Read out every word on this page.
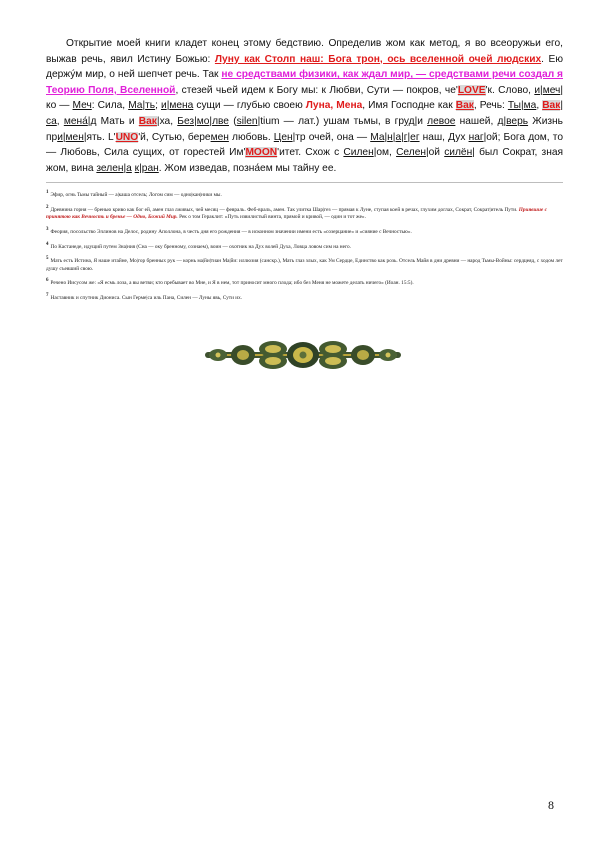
Открытие моей книги кладет конец этому бедствию. Определив жом как метод, я во всеоружьи его, выжав речь, явил Истину Божью: Луну как Столп наш: Бога трон, ось вселенной очей людских. Ею держу́м мир, о ней шепчет речь. Так не средствами физики, как ждал мир, — средствами речи создал я Теорию Поля, Вселенной, стезей чьей идем к Богу мы: к Любви, Сути — покров, че'LOVE'к. Слово, и|меч|ко — Меч: Сила, Ма|ть; и|мена сущи — глубью своею Луна, Мена, Имя Господне как Вак, Речь: Ты|ма, Вак|са, мена́|д Мать и Вак|ха, Без|мо|лве (silen|tium — лат.) ушам тьмы, в груд|и левое нашей, д|верь Жизнь при|мен|ять. L'UNO'й, Сутью, беремен любовь. Цен|тр очей, она — Ма|н|а|г|ег наш, Дух наг|ой; Бога дом, то — Любовь, Сила сущих, от горестей Им'MOON'итет. Схож с Силен|ом, Селен|ой силён| был Сократ, зная жом, вина зелен|а к|ран. Жом изведав, позна́ем мы тайну ее.

$^1$ Эфир, огнь Тьмы тайный — а|каша отсель; Логом сим — одно|кан|ники мы.
$^2$ Древнина горня — бренью криво как бог ей, амен глаз лживых, чей месяц — февраль. Феб-враль, амен. Так улитка Шар|гез — прямая к Луне, ступая коей в речах, глухим доглах, Сократ, Сократ|итель Пути. Приявшие с принятою как Вечность и бренье — Одно, Божий Мир. Рек о том Гераклит: «Путь извилистый винта, прямой и кривой, — один и тот же».
$^3$ Феория, посольство Эллинов на Делос, родину Аполлона, в честь дня его рождения — в исконном значении имени есть «созерцание» и «сияние с Вечностью».
$^4$ По Кастанеде, идущий путем Зна|ния (Сна — оку бренному, сознаем), воин — охотник на Дух волей Духа, Ловца ловом сим на него.
$^5$ Мать есть Истина, Я наше итайне, Мо|гор бренных рук — корнь ма|йи|тиан Ма|йи: иллюзия (санскр.), Мать глаз злых, как Ум Сердце, Единство как розь. Отсель Майя в дни древни — народ Тьмы-Войны: сердцеяд, с ходом лет душу съевший свою.
$^6$ Речено Иисусом же: «Я есмь лоза, а вы ветви; кто пребывает во Мне, и Я в нем, тот приносит много плода; ибо без Меня не можете делать ничего» (Иоан. 15:5).
$^7$ Наставник и спутник Диониса. Сын Герме|са иль Пана, Силен — Луны явь, Сути их.
8
